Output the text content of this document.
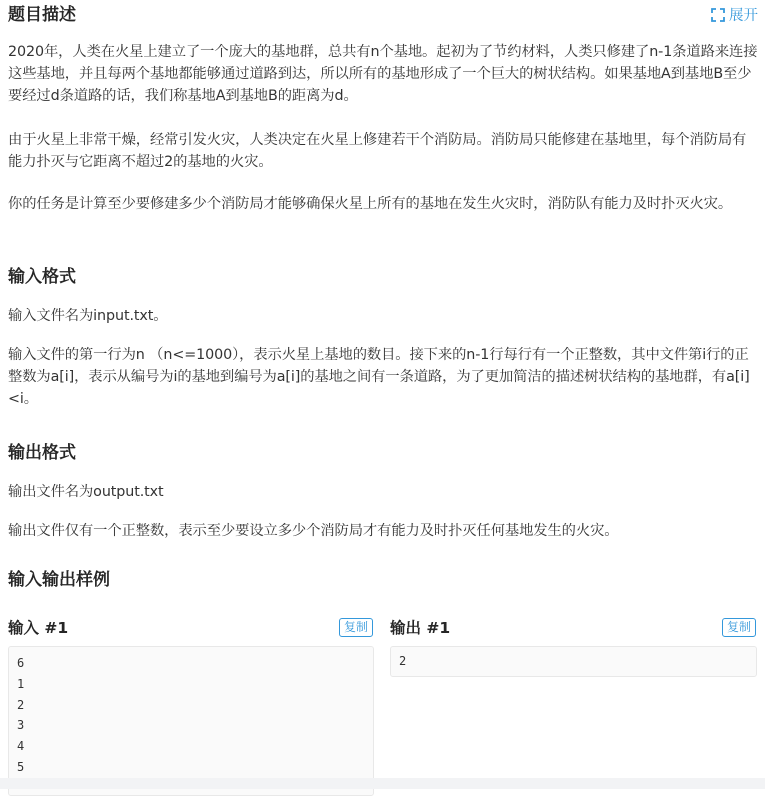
题目描述	展开

2020年，人类在火星上建立了一个庞大的基地群，总共有n个基地。起初为了节约材料，人类只修建了n-1条道路来连接这些基地，并且每两个基地都能够通过道路到达，所以所有的基地形成了一个巨大的树状结构。如果基地A到基地B至少要经过d条道路的话，我们称基地A到基地B的距离为d。

由于火星上非常干燥，经常引发火灾，人类决定在火星上修建若干个消防局。消防局只能修建在基地里，每个消防局有能力扑灭与它距离不超过2的基地的火灾。

你的任务是计算至少要修建多少个消防局才能够确保火星上所有的基地在发生火灾时，消防队有能力及时扑灭火灾。

输入格式

输入文件名为input.txt。

输入文件的第一行为n （n<=1000），表示火星上基地的数目。接下来的n-1行每行有一个正整数，其中文件第i行的正整数为a[i]，表示从编号为i的基地到编号为a[i]的基地之间有一条道路，为了更加简洁的描述树状结构的基地群，有a[i]<i。

输出格式

输出文件名为output.txt

输出文件仅有一个正整数，表示至少要设立多少个消防局才有能力及时扑灭任何基地发生的火灾。

输入输出样例
输入 #1	复制
6
1
2
3
4
5
输出 #1	复制
2
